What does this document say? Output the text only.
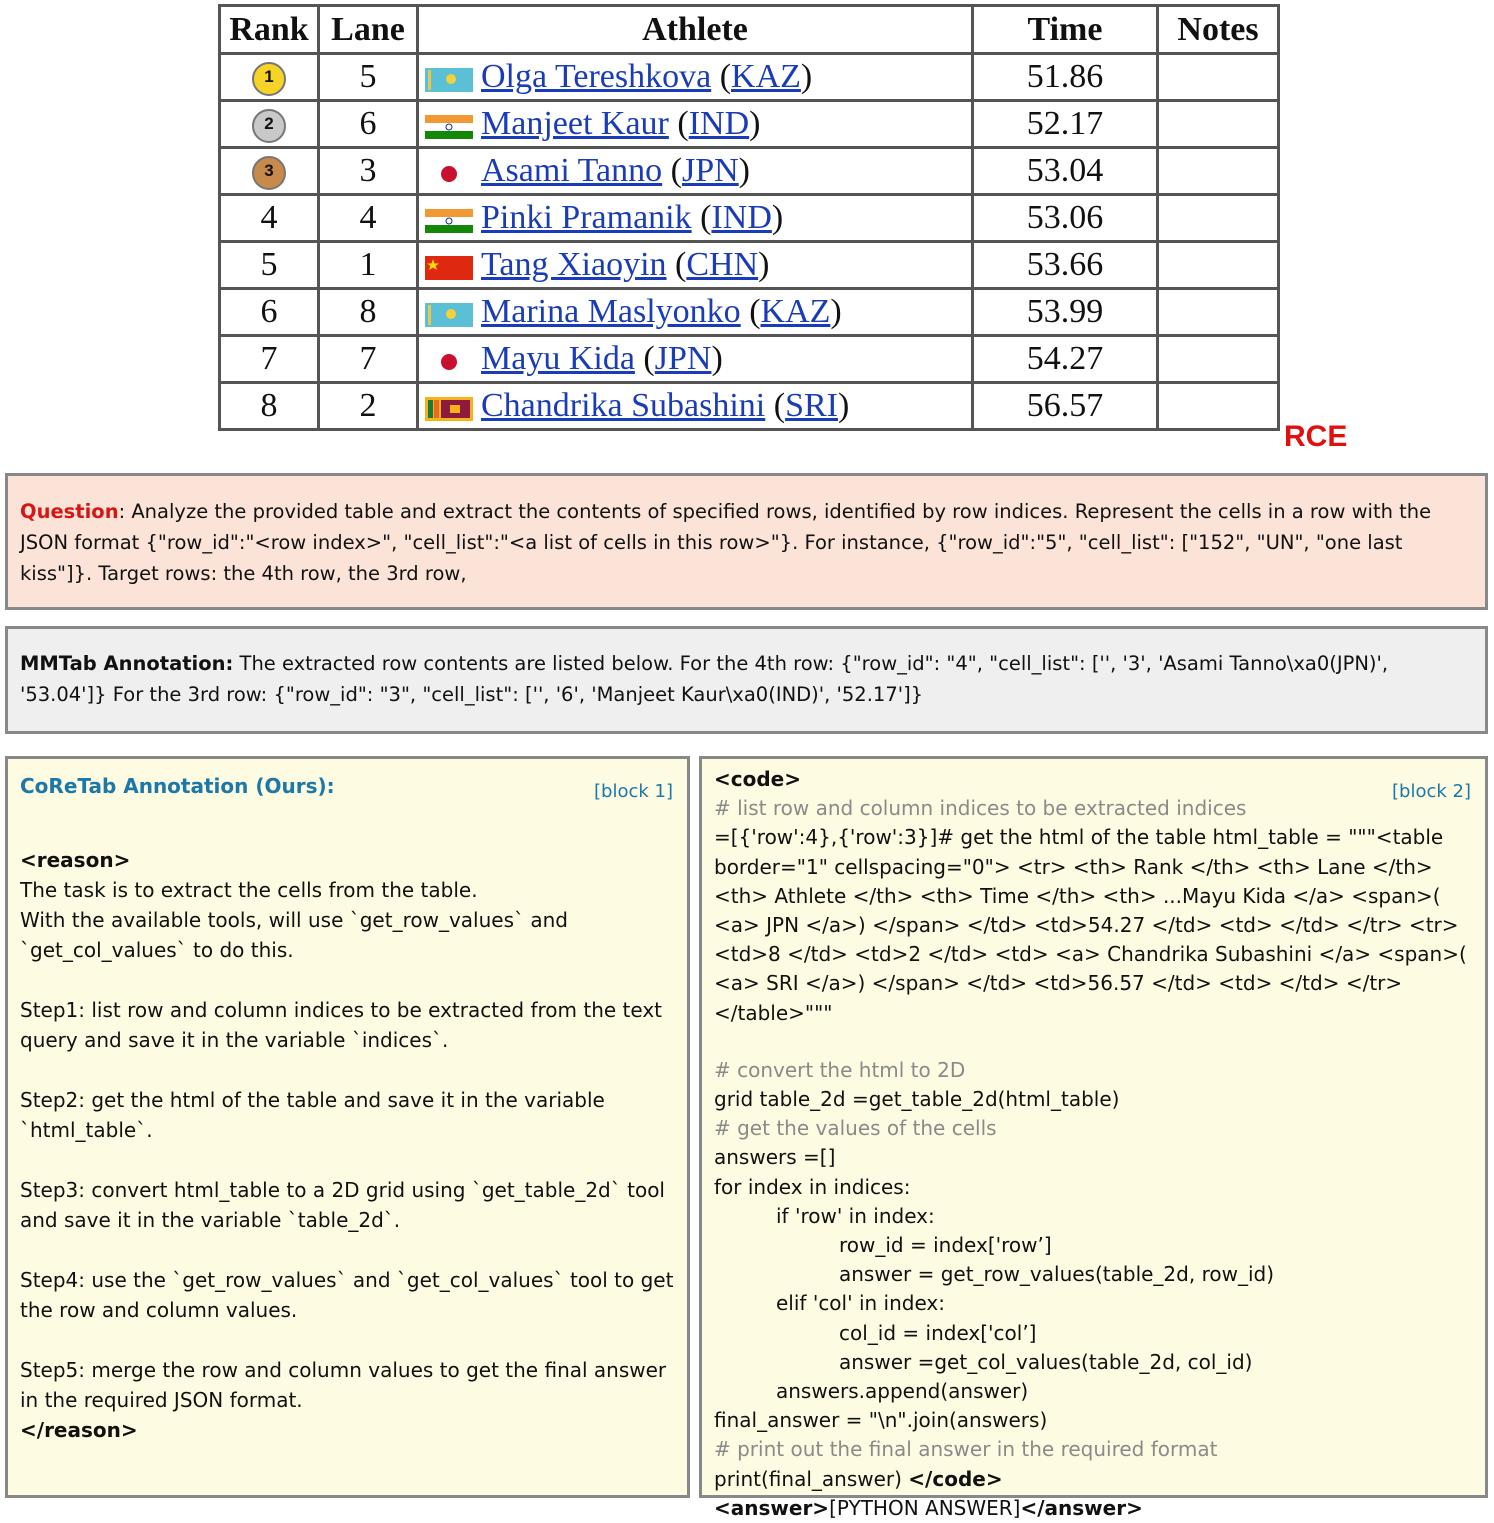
Rank	Lane	Athlete	Time	Notes
1	5	Olga Tereshkova (KAZ)	51.86	
2	6	Manjeet Kaur (IND)	52.17	
3	3	Asami Tanno (JPN)	53.04	
4	4	Pinki Pramanik (IND)	53.06	
5	1	Tang Xiaoyin (CHN)	53.66	
6	8	Marina Maslyonko (KAZ)	53.99	
7	7	Mayu Kida (JPN)	54.27	
8	2	Chandrika Subashini (SRI)	56.57	
RCE
Question: Analyze the provided table and extract the contents of specified rows, identified by row indices. Represent the cells in a row with the JSON format {"row_id":"<row index>", "cell_list":"<a list of cells in this row>"}. For instance, {"row_id":"5", "cell_list": ["152", "UN", "one last kiss"]}. Target rows: the 4th row, the 3rd row,
MMTab Annotation: The extracted row contents are listed below. For the 4th row: {"row_id": "4", "cell_list": ['', '3', 'Asami Tanno\xa0(JPN)', '53.04']} For the 3rd row: {"row_id": "3", "cell_list": ['', '6', 'Manjeet Kaur\xa0(IND)', '52.17']}
CoReTab Annotation (Ours):	[block 1]
<reason>
The task is to extract the cells from the table.
With the available tools, will use `get_row_values` and `get_col_values` to do this.
Step1: list row and column indices to be extracted from the text query and save it in the variable `indices`.
Step2: get the html of the table and save it in the variable `html_table`.
Step3: convert html_table to a 2D grid using `get_table_2d` tool and save it in the variable `table_2d`.
Step4: use the `get_row_values` and `get_col_values` tool to get the row and column values.
Step5: merge the row and column values to get the final answer in the required JSON format.
</reason>
[block 2]
<code>
# list row and column indices to be extracted indices
=[{'row':4},{'row':3}]# get the html of the table html_table = """<table border="1" cellspacing="0"> <tr> <th> Rank </th> <th> Lane </th> <th> Athlete </th> <th> Time </th> <th> ...Mayu Kida </a> <span>( <a> JPN </a>) </span> </td> <td>54.27 </td> <td> </td> </tr> <tr> <td>8 </td> <td>2 </td> <td> <a> Chandrika Subashini </a> <span>( <a> SRI </a>) </span> </td> <td>56.57 </td> <td> </td> </tr> </table>"""
# convert the html to 2D
grid table_2d =get_table_2d(html_table)
# get the values of the cells
answers =[]
for index in indices:
if 'row' in index:
row_id = index['row’]
answer = get_row_values(table_2d, row_id)
elif 'col' in index:
col_id = index['col’]
answer =get_col_values(table_2d, col_id)
answers.append(answer)
final_answer = "\n".join(answers)
# print out the final answer in the required format
print(final_answer) </code>
<answer>[PYTHON ANSWER]</answer>
